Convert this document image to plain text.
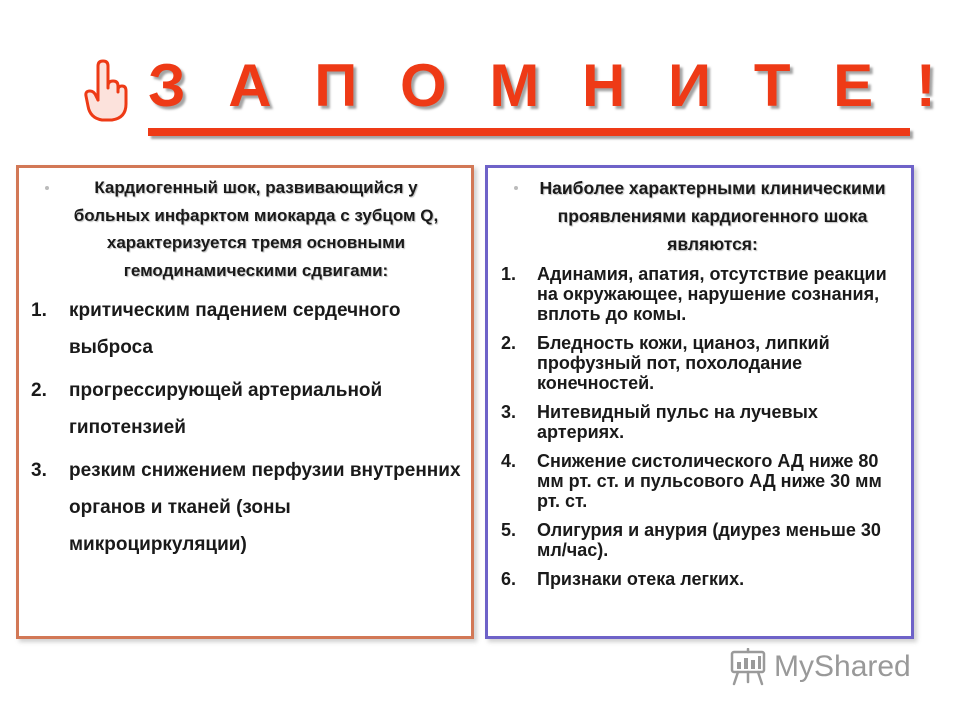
З А П О М Н И Т Е !
Кардиогенный шок, развивающийся у больных инфарктом миокарда с зубцом Q, характеризуется тремя основными гемодинамическими сдвигами:
1. критическим падением сердечного выброса
2. прогрессирующей артериальной гипотензией
3. резким снижением перфузии внутренних органов и тканей (зоны микроциркуляции)
Наиболее характерными клиническими проявлениями кардиогенного шока являются:
1. Адинамия, апатия, отсутствие реакции на окружающее, нарушение сознания, вплоть до комы.
2. Бледность кожи, цианоз, липкий профузный пот, похолодание конечностей.
3. Нитевидный пульс на лучевых артериях.
4. Снижение систолического АД ниже 80 мм рт. ст. и пульсового АД ниже 30 мм рт. ст.
5. Олигурия и анурия (диурез меньше 30 мл/час).
6. Признаки отека легких.
MyShared
